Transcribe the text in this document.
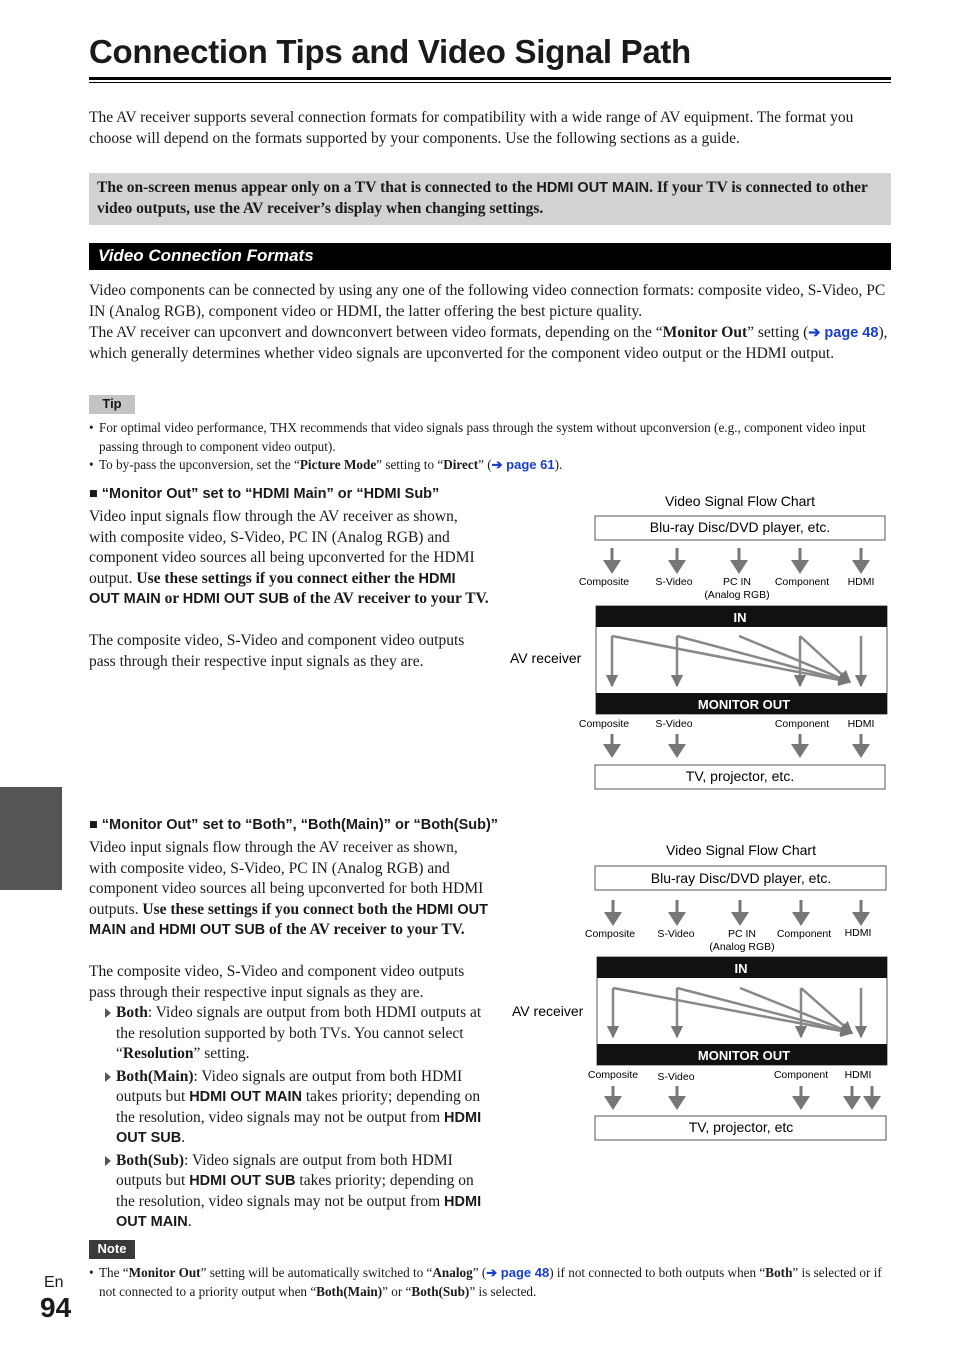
Connection Tips and Video Signal Path

The AV receiver supports several connection formats for compatibility with a wide range of AV equipment. The format you choose will depend on the formats supported by your components. Use the following sections as a guide.

The on-screen menus appear only on a TV that is connected to the HDMI OUT MAIN. If your TV is connected to other video outputs, use the AV receiver’s display when changing settings.

Video Connection Formats

Video components can be connected by using any one of the following video connection formats: composite video, S-Video, PC IN (Analog RGB), component video or HDMI, the latter offering the best picture quality.

The AV receiver can upconvert and downconvert between video formats, depending on the “Monitor Out” setting (➔ page 48), which generally determines whether video signals are upconverted for the component video output or the HDMI output.

Tip
• For optimal video performance, THX recommends that video signals pass through the system without upconversion (e.g., component video input passing through to component video output).
• To by-pass the upconversion, set the “Picture Mode” setting to “Direct” (➔ page 61).
■ “Monitor Out” set to “HDMI Main” or “HDMI Sub”

Video input signals flow through the AV receiver as shown, with composite video, S-Video, PC IN (Analog RGB) and component video sources all being upconverted for the HDMI output. Use these settings if you connect either the HDMI OUT MAIN or HDMI OUT SUB of the AV receiver to your TV.

The composite video, S-Video and component video outputs pass through their respective input signals as they are.

Video Signal Flow Chart
Blu-ray Disc/DVD player, etc.
Composite	S-Video	PC IN
(Analog RGB)
Component HDMI
IN
MONITOR OUT
AV receiver
Composite	S-Video	Component HDMI
TV, projector, etc.
■ “Monitor Out” set to “Both”, “Both(Main)” or “Both(Sub)”

Video input signals flow through the AV receiver as shown, with composite video, S-Video, PC IN (Analog RGB) and component video sources all being upconverted for both HDMI outputs. Use these settings if you connect both the HDMI OUT MAIN and HDMI OUT SUB of the AV receiver to your TV.

The composite video, S-Video and component video outputs pass through their respective input signals as they are.

Both: Video signals are output from both HDMI outputs at the resolution supported by both TVs. You cannot select “Resolution” setting.
Both(Main): Video signals are output from both HDMI outputs but HDMI OUT MAIN takes priority; depending on the resolution, video signals may not be output from HDMI OUT SUB.
Both(Sub): Video signals are output from both HDMI outputs but HDMI OUT SUB takes priority; depending on the resolution, video signals may not be output from HDMI OUT MAIN.
Video Signal Flow Chart
Blu-ray Disc/DVD player, etc.
Composite S-Video	PC IN
(Analog RGB)
Component HDMI
IN
MONITOR OUT
AV receiver
Composite S-Video	Component HDMI
TV, projector, etc
Note
• The “Monitor Out” setting will be automatically switched to “Analog” (➔ page 48) if not connected to both outputs when “Both” is selected or if not connected to a priority output when “Both(Main)” or “Both(Sub)” is selected.
En
94
